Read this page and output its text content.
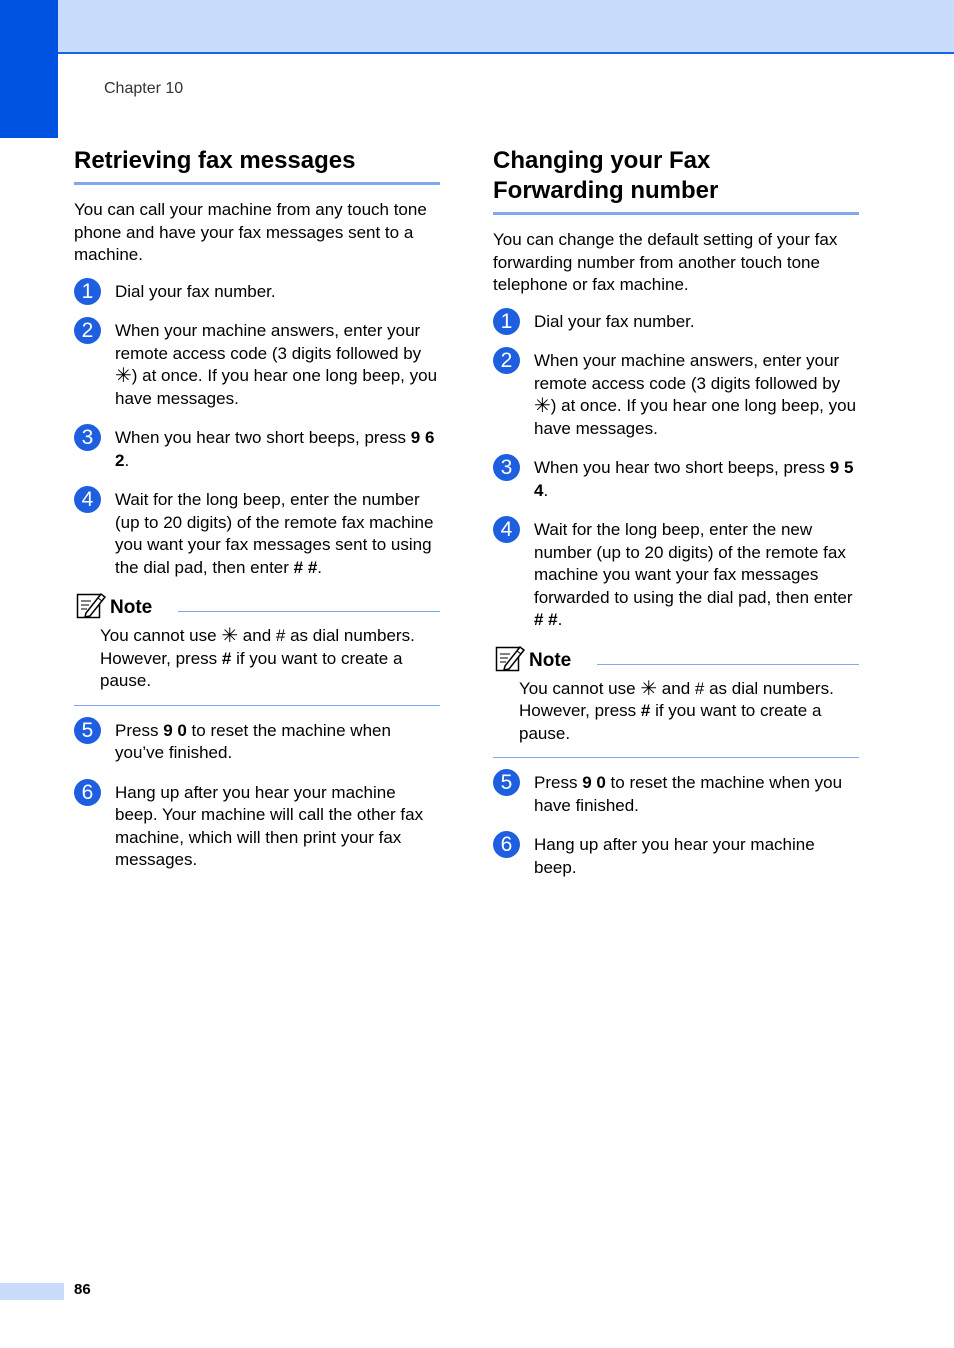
Chapter 10
Retrieving fax messages

You can call your machine from any touch tone phone and have your fax messages sent to a machine.

1	Dial your fax number.
2	When your machine answers, enter your remote access code (3 digits followed by ✳) at once. If you hear one long beep, you have messages.
3	When you hear two short beeps, press 9 6 2.
4	Wait for the long beep, enter the number (up to 20 digits) of the remote fax machine you want your fax messages sent to using the dial pad, then enter # #.
Note
You cannot use ✳ and # as dial numbers. However, press # if you want to create a pause.
5	Press 9 0 to reset the machine when you’ve finished.
6	Hang up after you hear your machine beep. Your machine will call the other fax machine, which will then print your fax messages.
Changing your Fax
Forwarding number

You can change the default setting of your fax forwarding number from another touch tone telephone or fax machine.

1	Dial your fax number.
2	When your machine answers, enter your remote access code (3 digits followed by ✳) at once. If you hear one long beep, you have messages.
3	When you hear two short beeps, press 9 5 4.
4	Wait for the long beep, enter the new number (up to 20 digits) of the remote fax machine you want your fax messages forwarded to using the dial pad, then enter # #.
Note
You cannot use ✳ and # as dial numbers. However, press # if you want to create a pause.
5	Press 9 0 to reset the machine when you have finished.
6	Hang up after you hear your machine beep.
86
